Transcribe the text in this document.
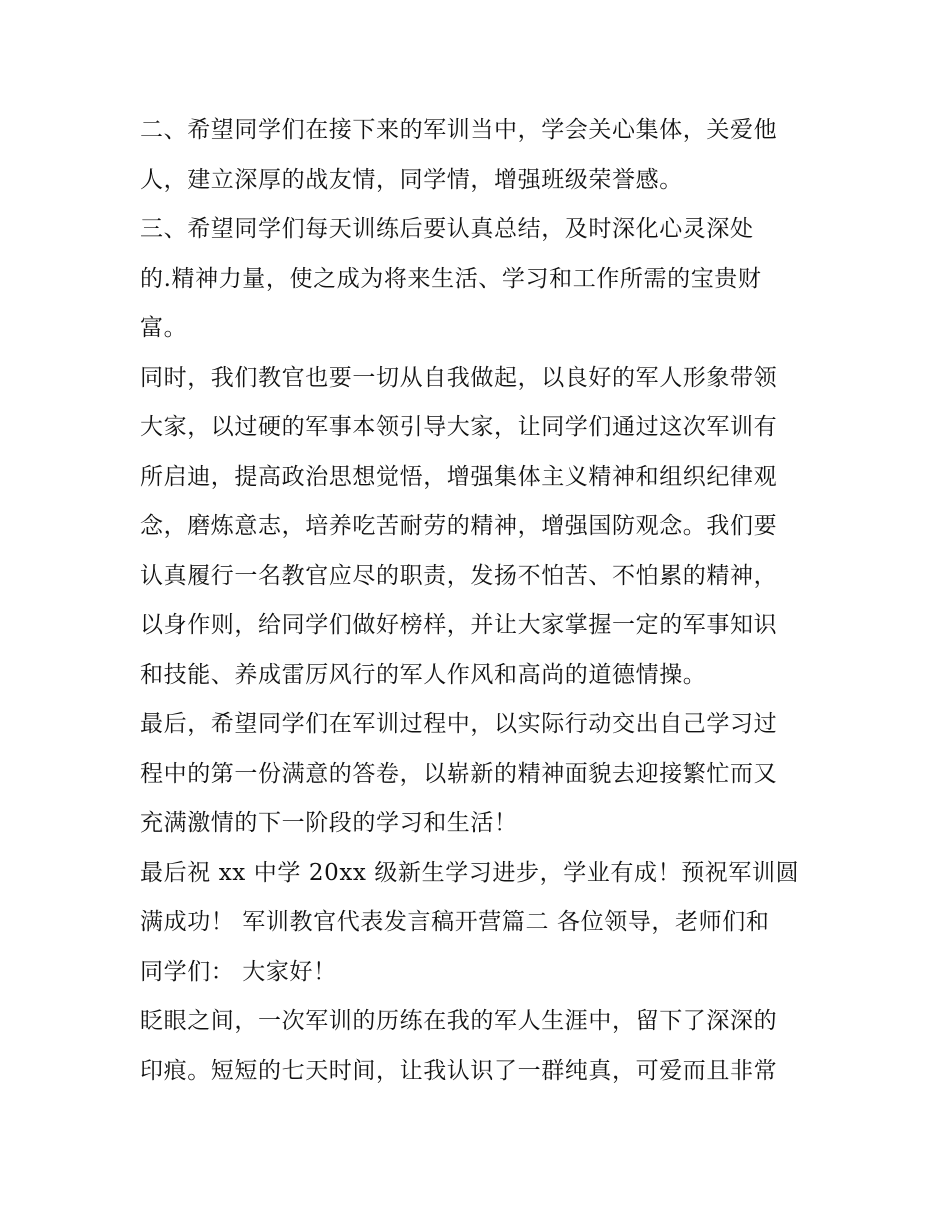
二、希望同学们在接下来的军训当中，学会关心集体，关爱他
人，建立深厚的战友情，同学情，增强班级荣誉感。
三、希望同学们每天训练后要认真总结，及时深化心灵深处
的.精神力量，使之成为将来生活、学习和工作所需的宝贵财
富。
同时，我们教官也要一切从自我做起，以良好的军人形象带领
大家，以过硬的军事本领引导大家，让同学们通过这次军训有
所启迪，提高政治思想觉悟，增强集体主义精神和组织纪律观
念，磨炼意志，培养吃苦耐劳的精神，增强国防观念。我们要
认真履行一名教官应尽的职责，发扬不怕苦、不怕累的精神，
以身作则，给同学们做好榜样，并让大家掌握一定的军事知识
和技能、养成雷厉风行的军人作风和高尚的道德情操。
最后，希望同学们在军训过程中，以实际行动交出自己学习过
程中的第一份满意的答卷，以崭新的精神面貌去迎接繁忙而又
充满激情的下一阶段的学习和生活！
最后祝 xx 中学 20xx 级新生学习进步，学业有成！预祝军训圆
满成功！ 军训教官代表发言稿开营篇二 各位领导，老师们和
同学们： 大家好！
眨眼之间，一次军训的历练在我的军人生涯中，留下了深深的
印痕。短短的七天时间，让我认识了一群纯真，可爱而且非常
